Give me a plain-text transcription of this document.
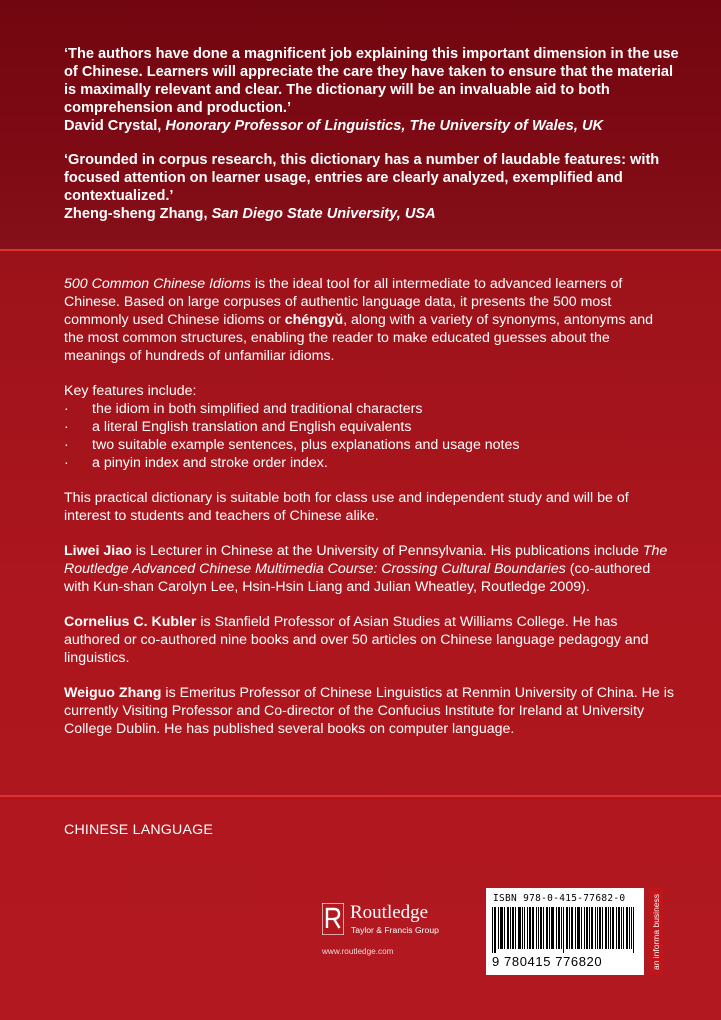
‘The authors have done a magnificent job explaining this important dimension in the use of Chinese. Learners will appreciate the care they have taken to ensure that the material is maximally relevant and clear. The dictionary will be an invaluable aid to both comprehension and production.’

David Crystal, Honorary Professor of Linguistics, The University of Wales, UK

‘Grounded in corpus research, this dictionary has a number of laudable features: with focused attention on learner usage, entries are clearly analyzed, exemplified and contextualized.’

Zheng-sheng Zhang, San Diego State University, USA

500 Common Chinese Idioms is the ideal tool for all intermediate to advanced learners of Chinese. Based on large corpuses of authentic language data, it presents the 500 most commonly used Chinese idioms or chéngyǔ, along with a variety of synonyms, antonyms and the most common structures, enabling the reader to make educated guesses about the meanings of hundreds of unfamiliar idioms.

Key features include:

· the idiom in both simplified and traditional characters
· a literal English translation and English equivalents
· two suitable example sentences, plus explanations and usage notes
· a pinyin index and stroke order index.

This practical dictionary is suitable both for class use and independent study and will be of interest to students and teachers of Chinese alike.

Liwei Jiao is Lecturer in Chinese at the University of Pennsylvania. His publications include The Routledge Advanced Chinese Multimedia Course: Crossing Cultural Boundaries (co-authored with Kun-shan Carolyn Lee, Hsin-Hsin Liang and Julian Wheatley, Routledge 2009).

Cornelius C. Kubler is Stanfield Professor of Asian Studies at Williams College. He has authored or co-authored nine books and over 50 articles on Chinese language pedagogy and linguistics.

Weiguo Zhang is Emeritus Professor of Chinese Linguistics at Renmin University of China. He is currently Visiting Professor and Co-director of the Confucius Institute for Ireland at University College Dublin. He has published several books on computer language.

CHINESE LANGUAGE
Routledge
Taylor & Francis Group
www.routledge.com
ISBN 978-0-415-77682-0
9 780415 776820	an informa business
